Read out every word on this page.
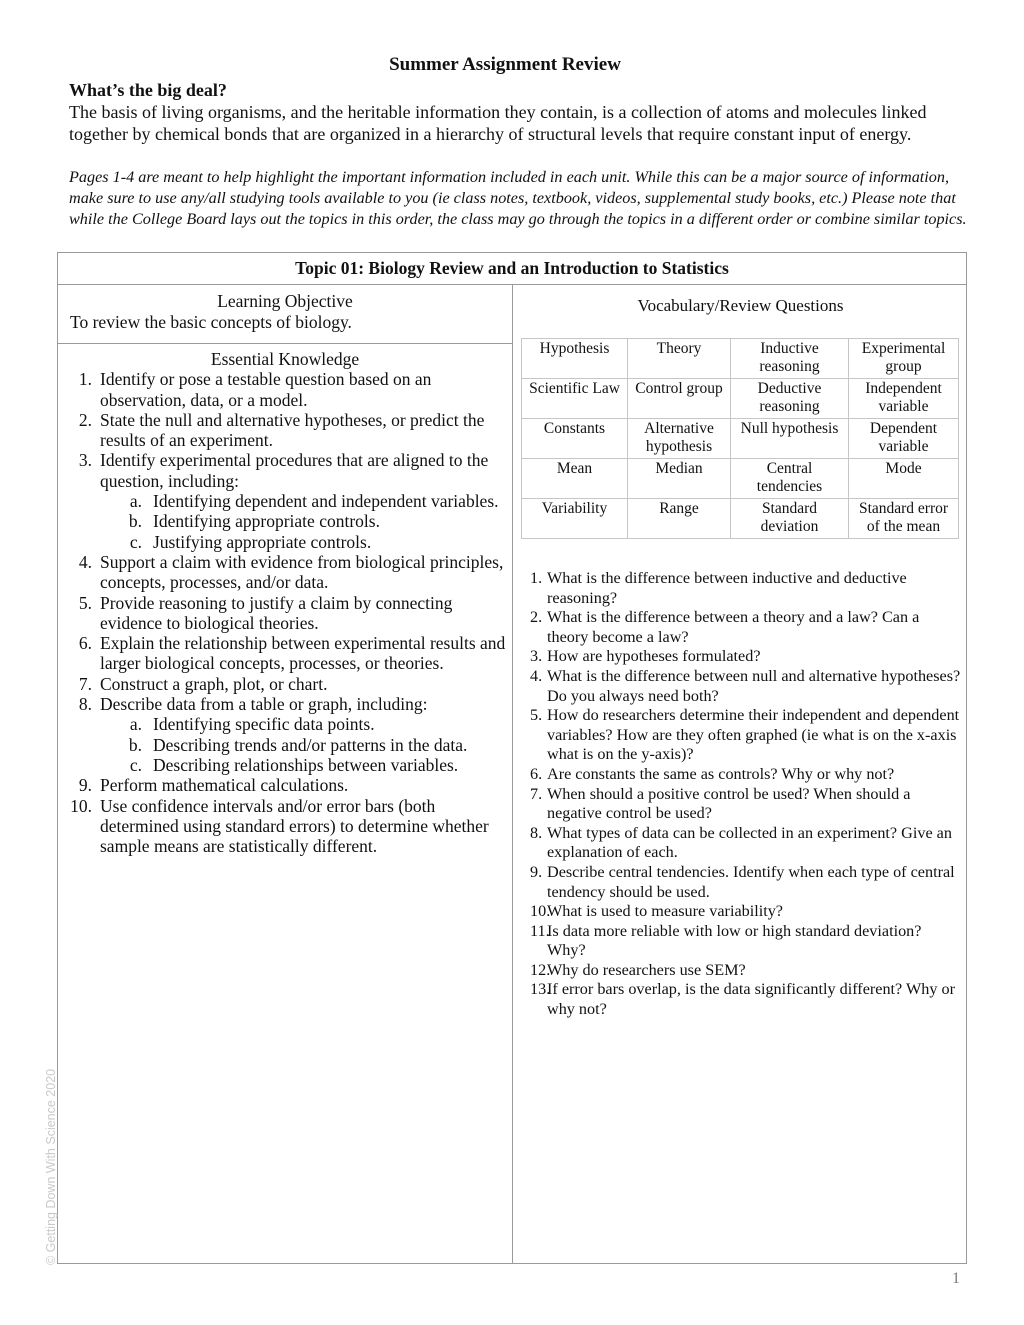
Summer Assignment Review
What’s the big deal?
The basis of living organisms, and the heritable information they contain, is a collection of atoms and molecules linked together by chemical bonds that are organized in a hierarchy of structural levels that require constant input of energy.
Pages 1-4 are meant to help highlight the important information included in each unit. While this can be a major source of information, make sure to use any/all studying tools available to you (ie class notes, textbook, videos, supplemental study books, etc.) Please note that while the College Board lays out the topics in this order, the class may go through the topics in a different order or combine similar topics.
Topic 01: Biology Review and an Introduction to Statistics
Learning Objective
To review the basic concepts of biology.
Essential Knowledge
1. Identify or pose a testable question based on an observation, data, or a model.
2. State the null and alternative hypotheses, or predict the results of an experiment.
3. Identify experimental procedures that are aligned to the question, including:
a. Identifying dependent and independent variables.
b. Identifying appropriate controls.
c. Justifying appropriate controls.
4. Support a claim with evidence from biological principles, concepts, processes, and/or data.
5. Provide reasoning to justify a claim by connecting evidence to biological theories.
6. Explain the relationship between experimental results and larger biological concepts, processes, or theories.
7. Construct a graph, plot, or chart.
8. Describe data from a table or graph, including:
a. Identifying specific data points.
b. Describing trends and/or patterns in the data.
c. Describing relationships between variables.
9. Perform mathematical calculations.
10. Use confidence intervals and/or error bars (both determined using standard errors) to determine whether sample means are statistically different.
Vocabulary/Review Questions
Hypothesis	Theory	Inductive reasoning	Experimental group
Scientific Law	Control group	Deductive reasoning	Independent variable
Constants	Alternative hypothesis	Null hypothesis	Dependent variable
Mean	Median	Central tendencies	Mode
Variability	Range	Standard deviation	Standard error of the mean
1. What is the difference between inductive and deductive reasoning?
2. What is the difference between a theory and a law? Can a theory become a law?
3. How are hypotheses formulated?
4. What is the difference between null and alternative hypotheses? Do you always need both?
5. How do researchers determine their independent and dependent variables? How are they often graphed (ie what is on the x-axis what is on the y-axis)?
6. Are constants the same as controls? Why or why not?
7. When should a positive control be used? When should a negative control be used?
8. What types of data can be collected in an experiment? Give an explanation of each.
9. Describe central tendencies. Identify when each type of central tendency should be used.
10.
What is used to measure variability?
11.
Is data more reliable with low or high standard deviation? Why?
12.
Why do researchers use SEM?
13.
If error bars overlap, is the data significantly different? Why or why not?
© Getting Down With Science 2020
1
